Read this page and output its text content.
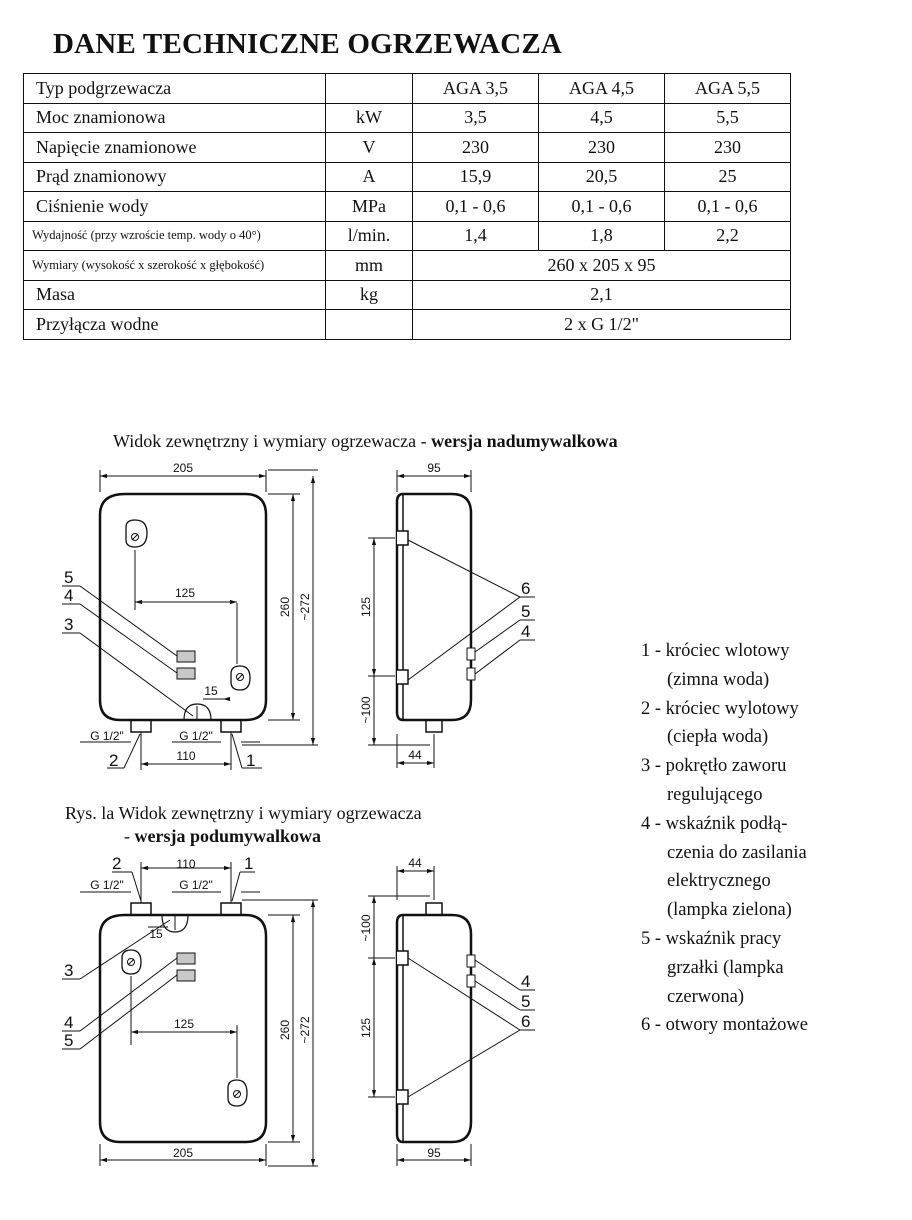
DANE TECHNICZNE OGRZEWACZA
Typ podgrzewacza		AGA 3,5	AGA 4,5	AGA 5,5
Moc znamionowa	kW	3,5	4,5	5,5
Napięcie znamionowe	V	230	230	230
Prąd znamionowy	A	15,9	20,5	25
Ciśnienie wody	MPa	0,1 - 0,6	0,1 - 0,6	0,1 - 0,6
Wydajność (przy wzroście temp. wody o 40°)	l/min.	1,4	1,8	2,2
Wymiary (wysokość x szerokość x głębokość)	mm	260 x 205 x 95		
Masa	kg	2,1		
Przyłącza wodne		2 x G 1/2"		

Widok zewnętrzny i wymiary ogrzewacza - wersja nadumywalkowa

Rys. la Widok zewnętrzny i wymiary ogrzewacza

- wersja podumywalkowa

1 - króciec wlotowy
(zimna woda)
2 - króciec wylotowy
(ciepła woda)
3 - pokrętło zaworu
regulującego
4 - wskaźnik podłą-
czenia do zasilania
elektrycznego
(lampka zielona)
5 - wskaźnik pracy
grzałki (lampka
czerwona)
6 - otwory montażowe
205
125
15
110
G 1/2"	G 1/2"
260 ~272
95
125
~100
44
110
G 1/2"	G 1/2"
15
125
205
260 ~272
44
~100
125
95
5
4
3
2	1
6
5
4
2	1
3
4
5
4
5
6
